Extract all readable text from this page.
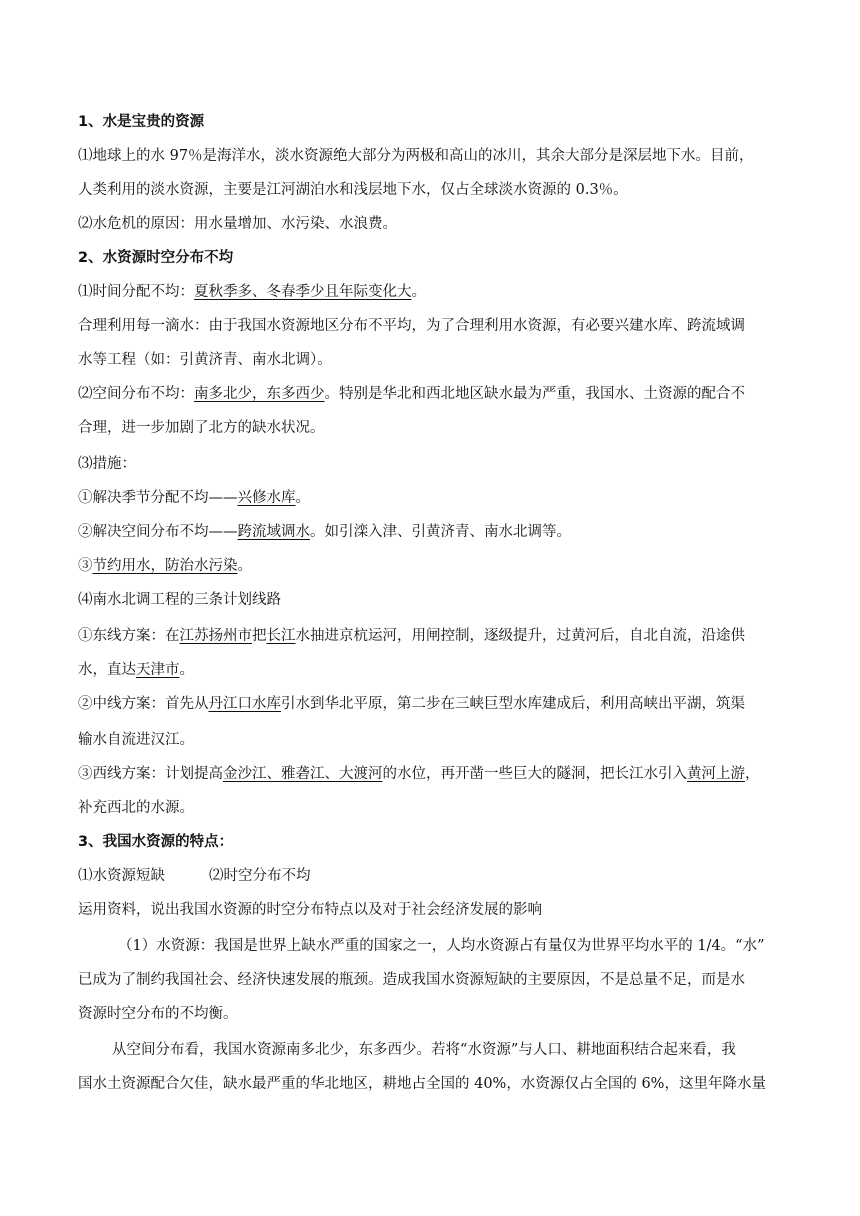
1、水是宝贵的资源
⑴地球上的水 97％是海洋水，淡水资源绝大部分为两极和高山的冰川，其余大部分是深层地下水。目前，
人类利用的淡水资源，主要是江河湖泊水和浅层地下水，仅占全球淡水资源的 0.3％。
⑵水危机的原因：用水量增加、水污染、水浪费。
2、水资源时空分布不均
⑴时间分配不均：夏秋季多、冬春季少且年际变化大。
合理利用每一滴水：由于我国水资源地区分布不平均，为了合理利用水资源，有必要兴建水库、跨流域调
水等工程（如：引黄济青、南水北调）。
⑵空间分布不均：南多北少，东多西少。特别是华北和西北地区缺水最为严重，我国水、土资源的配合不
合理，进一步加剧了北方的缺水状况。
⑶措施：
①解决季节分配不均——兴修水库。
②解决空间分布不均——跨流域调水。如引滦入津、引黄济青、南水北调等。
③节约用水，防治水污染。
⑷南水北调工程的三条计划线路
①东线方案：在江苏扬州市把长江水抽进京杭运河，用闸控制，逐级提升，过黄河后，自北自流，沿途供
水，直达天津市。
②中线方案：首先从丹江口水库引水到华北平原，第二步在三峡巨型水库建成后，利用高峡出平湖，筑渠
输水自流进汉江。
③西线方案：计划提高金沙江、雅砻江、大渡河的水位，再开凿一些巨大的隧洞，把长江水引入黄河上游，
补充西北的水源。
3、我国水资源的特点：
⑴水资源短缺	⑵时空分布不均
运用资料，说出我国水资源的时空分布特点以及对于社会经济发展的影响
（1）水资源：我国是世界上缺水严重的国家之一，人均水资源占有量仅为世界平均水平的 1/4。“水”
已成为了制约我国社会、经济快速发展的瓶颈。造成我国水资源短缺的主要原因，不是总量不足，而是水
资源时空分布的不均衡。
从空间分布看，我国水资源南多北少，东多西少。若将“水资源”与人口、耕地面积结合起来看，我
国水土资源配合欠佳，缺水最严重的华北地区，耕地占全国的 40%，水资源仅占全国的 6%，这里年降水量
